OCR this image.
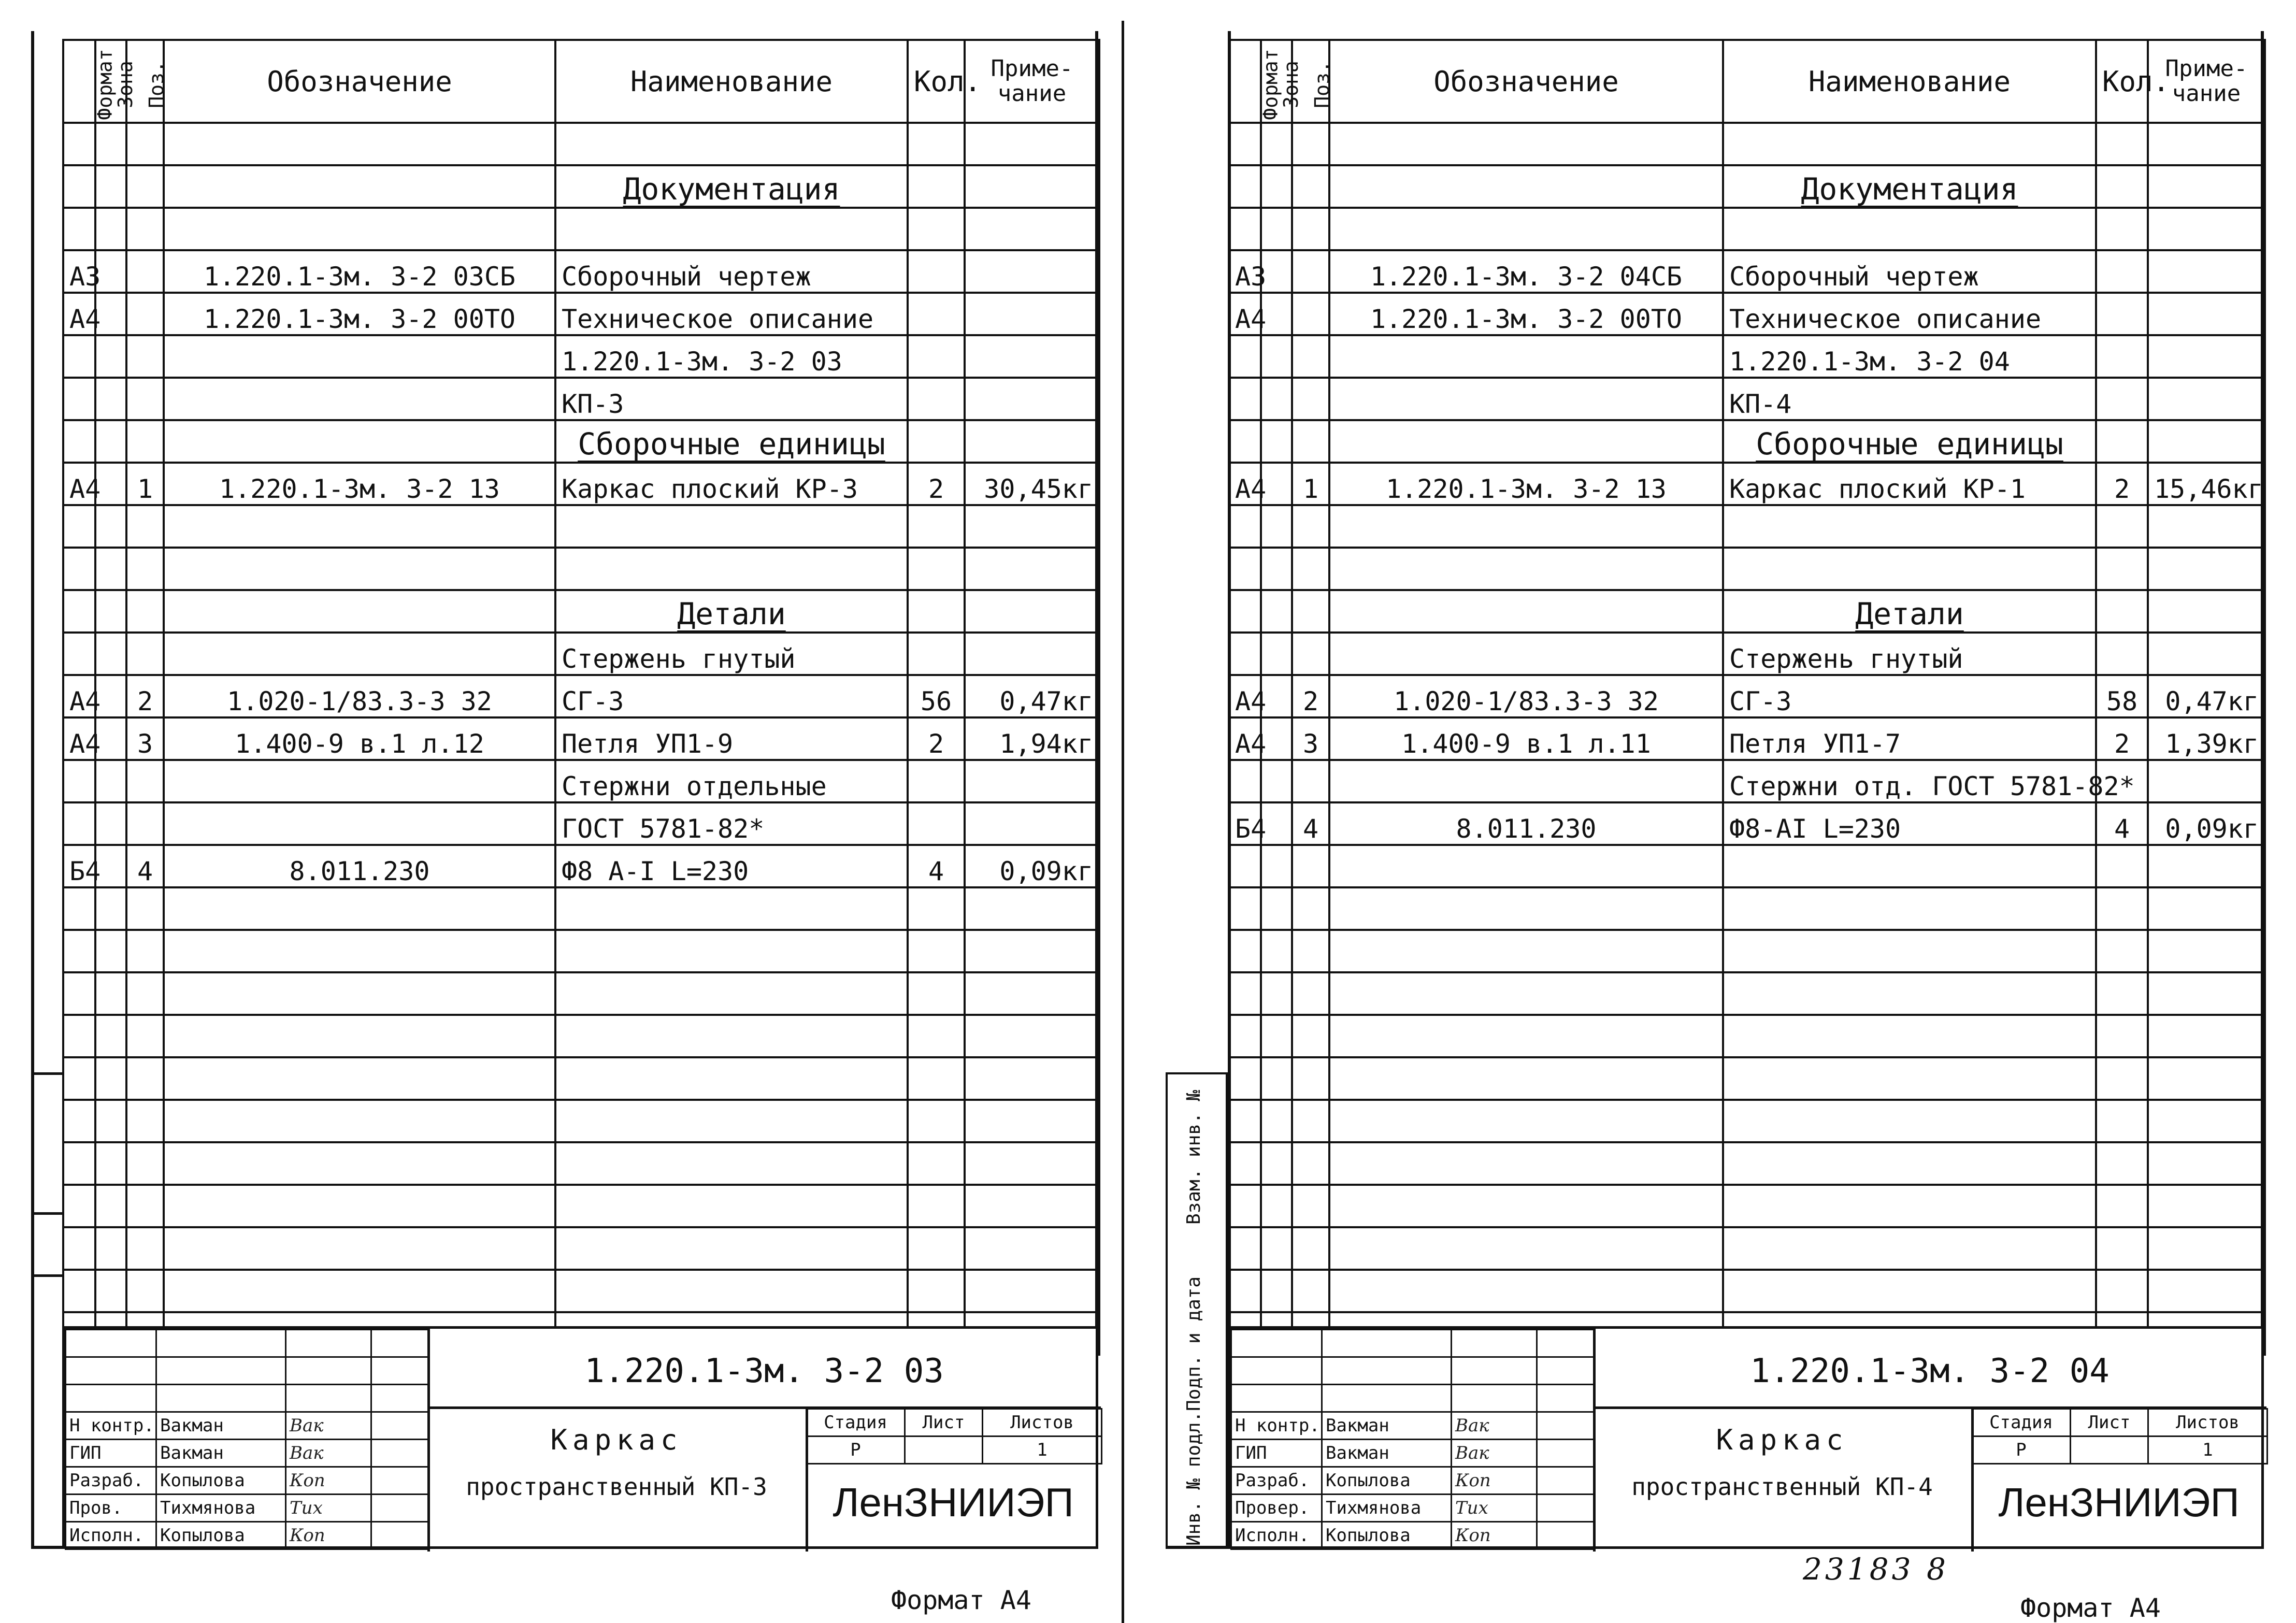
Формат	Зона	Поз.	Обозначение	Наименование	Кол.	Приме- чание

				Документация		

А3			1.220.1-3м. 3-2 03СБ	Сборочный чертеж		
А4			1.220.1-3м. 3-2 00ТО	Техническое описание		
				1.220.1-3м. 3-2 03		
				КП-3		
				Сборочные единицы		
А4		1	1.220.1-3м. 3-2 13	Каркас плоский КР-3	2	30,45кг

				Детали		
				Стержень гнутый		
А4		2	1.020-1/83.3-3 32	СГ-3	56	0,47кг
А4		3	1.400-9 в.1 л.12	Петля УП1-9	2	1,94кг
				Стержни отдельные		
				ГОСТ 5781-82*		
Б4		4	8.011.230	Ф8 А-I L=230	4	0,09кг

Н контр.	Вакман	Вак	
ГИП	Вакман	Вак	
Разраб.	Копылова	Коп	
Пров.	Тихмянова	Тих	
Исполн.	Копылова	Коп	
1.220.1-3м. 3-2 03
Каркас
пространственный КП-3
Стадия	Лист	Листов
Р		1
ЛенЗНИИЭП
Формат А4
Инв. № подл.
Подп. и дата
Взам. инв. №
Формат	Зона	Поз.	Обозначение	Наименование	Кол.	Приме- чание

				Документация		

А3			1.220.1-3м. 3-2 04СБ	Сборочный чертеж		
А4			1.220.1-3м. 3-2 00ТО	Техническое описание		
				1.220.1-3м. 3-2 04		
				КП-4		
				Сборочные единицы		
А4		1	1.220.1-3м. 3-2 13	Каркас плоский КР-1	2	15,46кг

				Детали		
				Стержень гнутый		
А4		2	1.020-1/83.3-3 32	СГ-3	58	0,47кг
А4		3	1.400-9 в.1 л.11	Петля УП1-7	2	1,39кг
				Стержни отд. ГОСТ 5781-82*		
Б4		4	8.011.230	Ф8-АI L=230	4	0,09кг

Н контр.	Вакман	Вак	
ГИП	Вакман	Вак	
Разраб.	Копылова	Коп	
Провер.	Тихмянова	Тих	
Исполн.	Копылова	Коп	
1.220.1-3м. 3-2 04
Каркас
пространственный КП-4
Стадия	Лист	Листов
Р		1
ЛенЗНИИЭП
23183 8
Формат А4
